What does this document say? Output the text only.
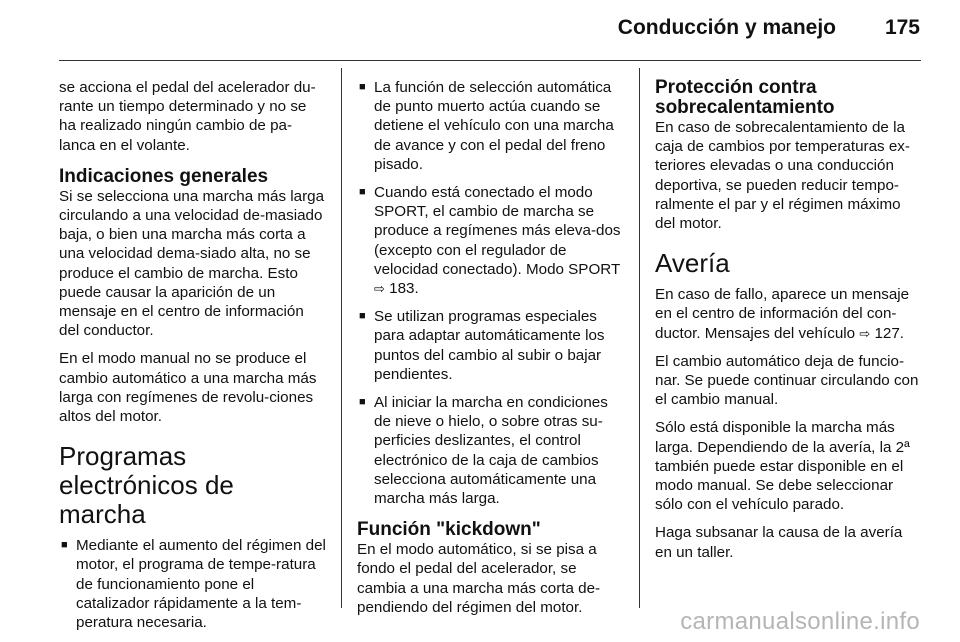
Conducción y manejo 175

se acciona el pedal del acelerador du-rante un tiempo determinado y no se ha realizado ningún cambio de pa-lanca en el volante.

Indicaciones generales

Si se selecciona una marcha más larga circulando a una velocidad de-masiado baja, o bien una marcha más corta a una velocidad dema-siado alta, no se produce el cambio de marcha. Esto puede causar la aparición de un mensaje en el centro de información del conductor.

En el modo manual no se produce el cambio automático a una marcha más larga con regímenes de revolu-ciones altos del motor.

Programas electrónicos de marcha
■ Mediante el aumento del régimen del motor, el programa de tempe-ratura de funcionamiento pone el catalizador rápidamente a la tem-peratura necesaria.
■ La función de selección automática de punto muerto actúa cuando se detiene el vehículo con una marcha de avance y con el pedal del freno pisado.
■ Cuando está conectado el modo SPORT, el cambio de marcha se produce a regímenes más eleva-dos (excepto con el regulador de velocidad conectado). Modo SPORT ⇨ 183.
■ Se utilizan programas especiales para adaptar automáticamente los puntos del cambio al subir o bajar pendientes.
■ Al iniciar la marcha en condiciones de nieve o hielo, o sobre otras su-perficies deslizantes, el control electrónico de la caja de cambios selecciona automáticamente una marcha más larga.
Función "kickdown"

En el modo automático, si se pisa a fondo el pedal del acelerador, se cambia a una marcha más corta de-pendiendo del régimen del motor.

Protección contra sobrecalentamiento

En caso de sobrecalentamiento de la caja de cambios por temperaturas ex-teriores elevadas o una conducción deportiva, se pueden reducir tempo-ralmente el par y el régimen máximo del motor.

Avería

En caso de fallo, aparece un mensaje en el centro de información del con-ductor. Mensajes del vehículo ⇨ 127.

El cambio automático deja de funcio-nar. Se puede continuar circulando con el cambio manual.

Sólo está disponible la marcha más larga. Dependiendo de la avería, la 2ª también puede estar disponible en el modo manual. Se debe seleccionar sólo con el vehículo parado.

Haga subsanar la causa de la avería en un taller.

carmanualsonline.info
